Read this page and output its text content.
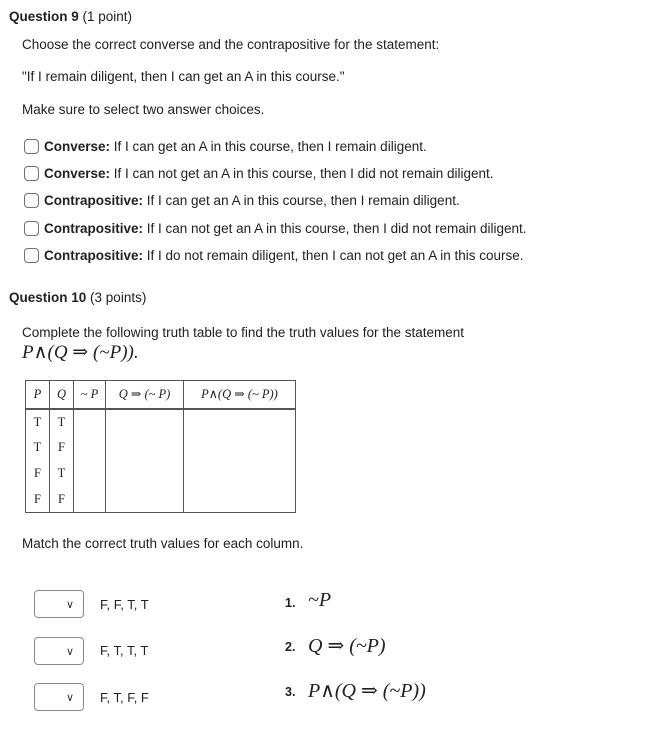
Question 9 (1 point)
Choose the correct converse and the contrapositive for the statement:
"If I remain diligent, then I can get an A in this course."
Make sure to select two answer choices.
Converse: If I can get an A in this course, then I remain diligent.
Converse: If I can not get an A in this course, then I did not remain diligent.
Contrapositive: If I can get an A in this course, then I remain diligent.
Contrapositive: If I can not get an A in this course, then I did not remain diligent.
Contrapositive: If I do not remain diligent, then I can not get an A in this course.
Question 10 (3 points)
Complete the following truth table to find the truth values for the statement
P∧(Q ⇒ (~P)).
P	Q	~ P	Q ⇒ (~ P)	P∧(Q ⇒ (~ P))
T	T			
T	F			
F	T			
F	F			
Match the correct truth values for each column.
∨ F, F, T, T
∨ F, T, T, T
∨ F, T, F, F
1. ~P
2. Q ⇒ (~P)
3. P∧(Q ⇒ (~P))
